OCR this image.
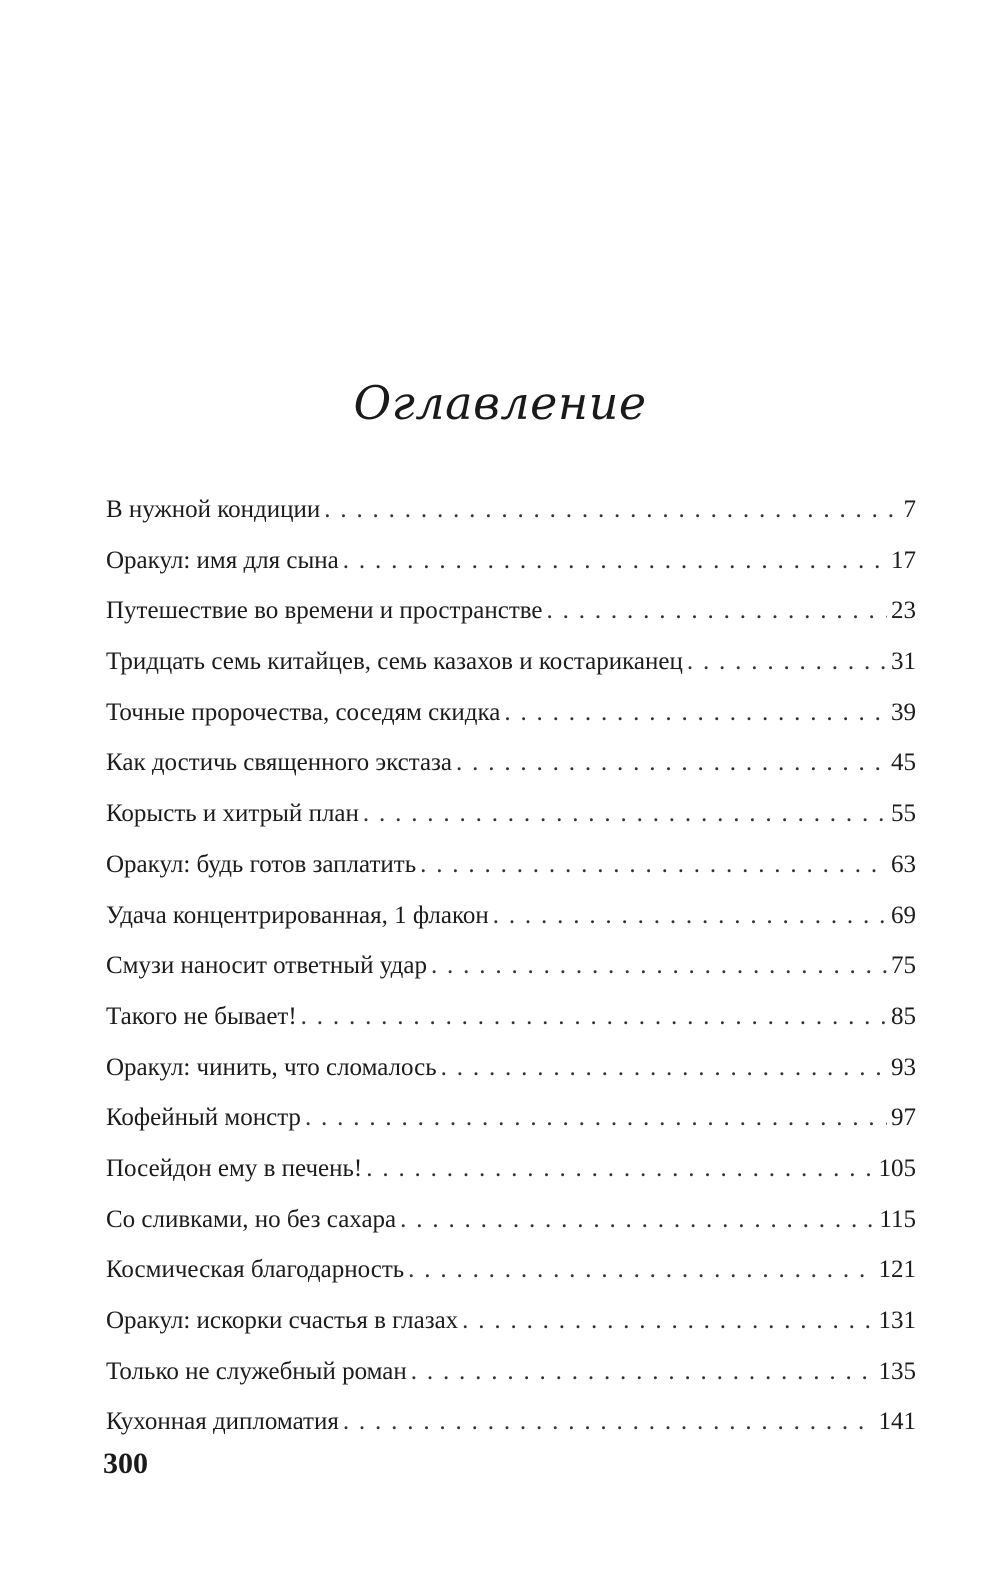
Оглавление
В нужной кондиции . . .	7
Оракул: имя для сына . . .	17
Путешествие во времени и пространстве . . .	23
Тридцать семь китайцев, семь казахов и костариканец . . .	31
Точные пророчества, соседям скидка . . .	39
Как достичь священного экстаза . . .	45
Корысть и хитрый план . . .	55
Оракул: будь готов заплатить . . .	63
Удача концентрированная, 1 флакон . . .	69
Смузи наносит ответный удар . . .	75
Такого не бывает! . . .	85
Оракул: чинить, что сломалось . . .	93
Кофейный монстр . . .	97
Посейдон ему в печень! . . .	105
Со сливками, но без сахара . . .	115
Космическая благодарность . . .	121
Оракул: искорки счастья в глазах . . .	131
Только не служебный роман . . .	135
Кухонная дипломатия . . .	141
300
